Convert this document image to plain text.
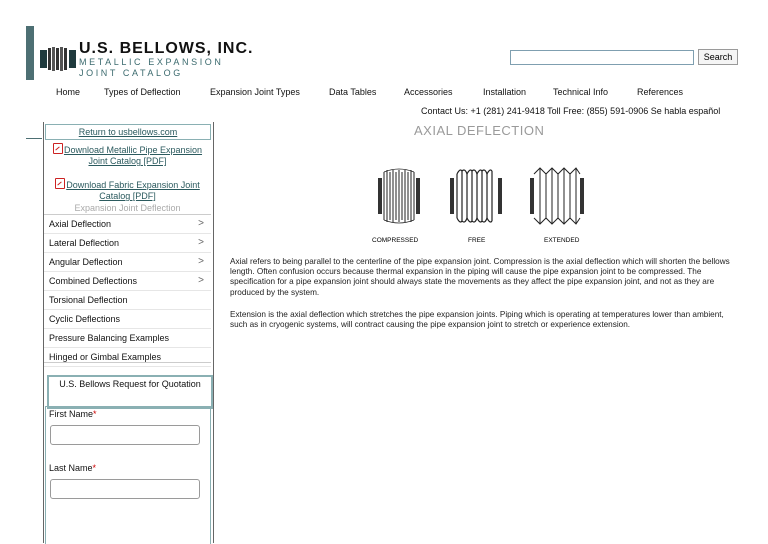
U.S. BELLOWS, INC.
METALLIC EXPANSION JOINT CATALOG
Search
Home	Types of Deflection	Expansion Joint Types	Data Tables	Accessories	Installation	Technical Info	References
Contact Us: +1 (281) 241-9418 Toll Free: (855) 591-0906 Se habla español
AXIAL DEFLECTION
Return to usbellows.com
Download Metallic Pipe Expansion Joint Catalog [PDF]
Download Fabric Expansion Joint Catalog [PDF]
Expansion Joint Deflection
Axial Deflection	>
Lateral Deflection	>
Angular Deflection	>
Combined Deflections	>
Torsional Deflection
Cyclic Deflections
Pressure Balancing Examples
Hinged or Gimbal Examples
U.S. Bellows Request for Quotation
First Name*
Last Name*
COMPRESSED	FREE	EXTENDED
Axial refers to being parallel to the centerline of the pipe expansion joint. Compression is the axial deflection which will shorten the bellows length. Often confusion occurs because thermal expansion in the piping will cause the pipe expansion joint to be compressed. The specification for a pipe expansion joint should always state the movements as they affect the pipe expansion joint, and not as they are produced by the system.
Extension is the axial deflection which stretches the pipe expansion joints. Piping which is operating at temperatures lower than ambient, such as in cryogenic systems, will contract causing the pipe expansion joint to stretch or experience extension.
